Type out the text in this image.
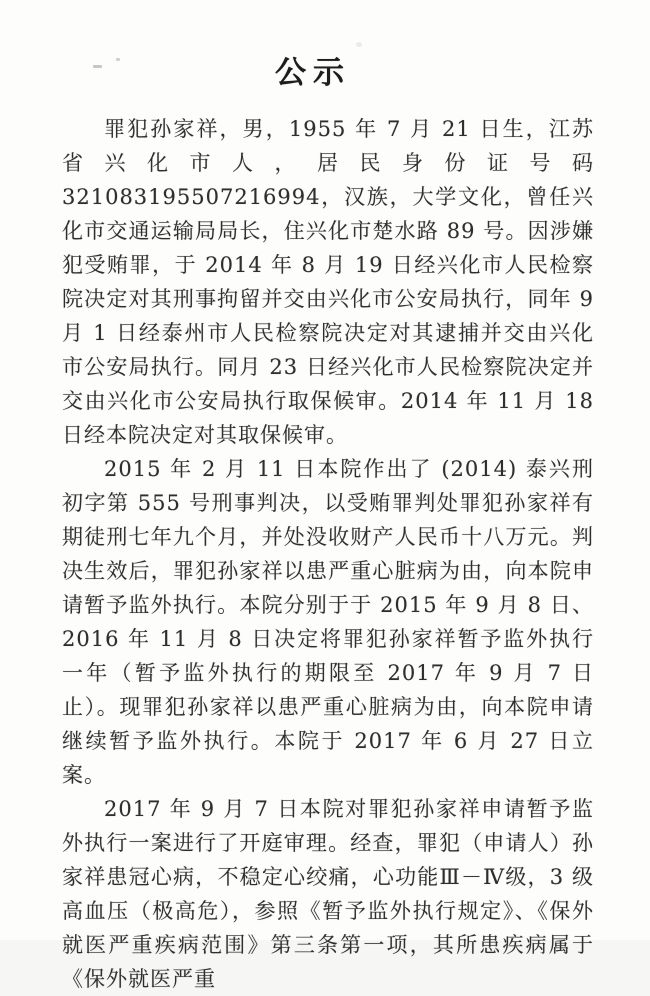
公示

罪犯孙家祥，男，1955 年 7 月 21 日生，江苏省兴化市人，居民身份证号码 321083195507216994，汉族，大学文化，曾任兴化市交通运输局局长，住兴化市楚水路 89 号。因涉嫌犯受贿罪，于 2014 年 8 月 19 日经兴化市人民检察院决定对其刑事拘留并交由兴化市公安局执行，同年 9 月 1 日经泰州市人民检察院决定对其逮捕并交由兴化市公安局执行。同月 23 日经兴化市人民检察院决定并交由兴化市公安局执行取保候审。2014 年 11 月 18 日经本院决定对其取保候审。

2015 年 2 月 11 日本院作出了 (2014) 泰兴刑初字第 555 号刑事判决，以受贿罪判处罪犯孙家祥有期徒刑七年九个月，并处没收财产人民币十八万元。判决生效后，罪犯孙家祥以患严重心脏病为由，向本院申请暂予监外执行。本院分别于于 2015 年 9 月 8 日、2016 年 11 月 8 日决定将罪犯孙家祥暂予监外执行一年（暂予监外执行的期限至 2017 年 9 月 7 日止）。现罪犯孙家祥以患严重心脏病为由，向本院申请继续暂予监外执行。本院于 2017 年 6 月 27 日立案。

2017 年 9 月 7 日本院对罪犯孙家祥申请暂予监外执行一案进行了开庭审理。经查，罪犯（申请人）孙家祥患冠心病，不稳定心绞痛，心功能Ⅲ－Ⅳ级，3 级高血压（极高危），参照《暂予监外执行规定》、《保外就医严重疾病范围》第三条第一项，其所患疾病属于《保外就医严重
